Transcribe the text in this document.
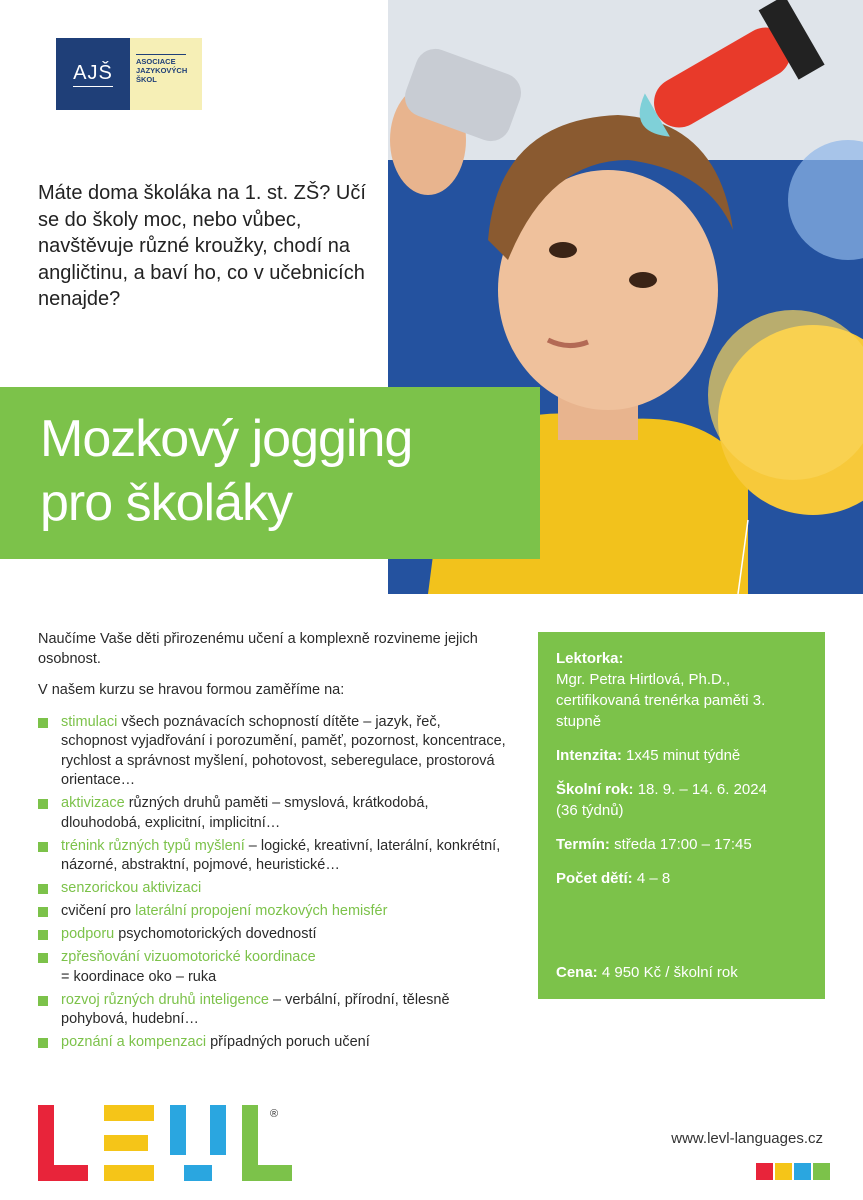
AJŠ	ASOCIACE
JAZYKOVÝCH
ŠKOL
Máte doma školáka na 1. st. ZŠ? Učí se do školy moc, nebo vůbec, navštěvuje různé kroužky, chodí na angličtinu, a baví ho, co v učebnicích nenajde?
Mozkový jogging
pro školáky

Naučíme Vaše děti přirozenému učení a komplexně rozvineme jejich osobnost.

V našem kurzu se hravou formou zaměříme na:

stimulaci všech poznávacích schopností dítěte – jazyk, řeč, schopnost vyjadřování i porozumění, paměť, pozornost, koncentrace, rychlost a správnost myšlení, pohotovost, seberegulace, prostorová orientace…
aktivizace různých druhů paměti – smyslová, krátkodobá, dlouhodobá, explicitní, implicitní…
trénink různých typů myšlení – logické, kreativní, laterální, konkrétní, názorné, abstraktní, pojmové, heuristické…
senzorickou aktivizaci
cvičení pro laterální propojení mozkových hemisfér
podporu psychomotorických dovedností
zpřesňování vizuomotorické koordinace
= koordinace oko – ruka
rozvoj různých druhů inteligence – verbální, přírodní, tělesně pohybová, hudební…
poznání a kompenzaci případných poruch učení
Lektorka:
Mgr. Petra Hirtlová, Ph.D.,
certifikovaná trenérka paměti 3. stupně
Intenzita: 1x45 minut týdně
Školní rok: 18. 9. – 14. 6. 2024
(36 týdnů)
Termín: středa 17:00 – 17:45
Počet dětí: 4 – 8
Cena: 4 950 Kč / školní rok
®
www.levl-languages.cz
